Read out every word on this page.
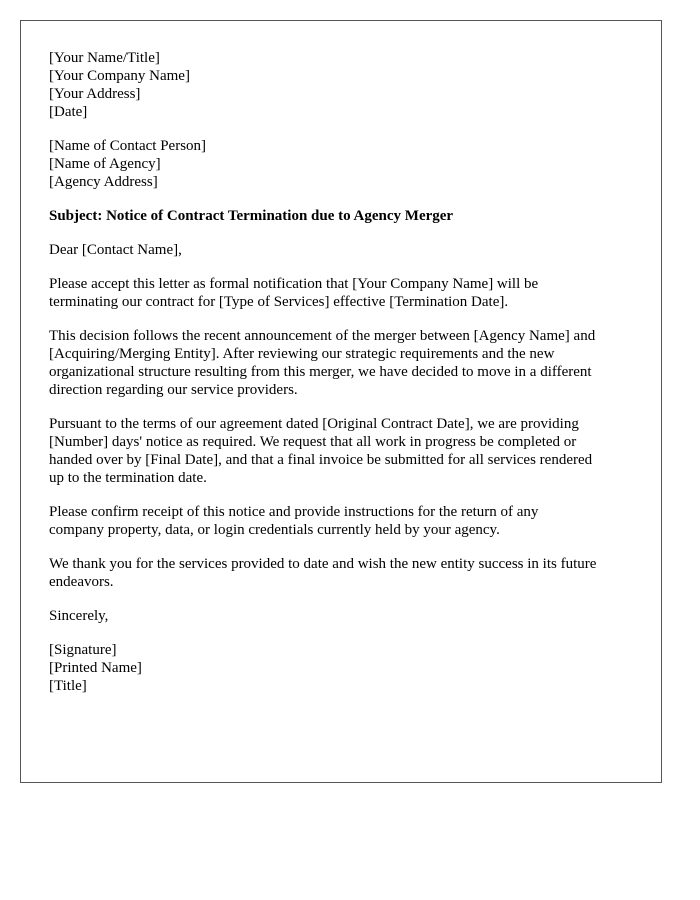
[Your Name/Title]
[Your Company Name]
[Your Address]
[Date]
[Name of Contact Person]
[Name of Agency]
[Agency Address]
Subject: Notice of Contract Termination due to Agency Merger
Dear [Contact Name],
Please accept this letter as formal notification that [Your Company Name] will be
terminating our contract for [Type of Services] effective [Termination Date].
This decision follows the recent announcement of the merger between [Agency Name] and
[Acquiring/Merging Entity]. After reviewing our strategic requirements and the new
organizational structure resulting from this merger, we have decided to move in a different
direction regarding our service providers.
Pursuant to the terms of our agreement dated [Original Contract Date], we are providing
[Number] days' notice as required. We request that all work in progress be completed or
handed over by [Final Date], and that a final invoice be submitted for all services rendered
up to the termination date.
Please confirm receipt of this notice and provide instructions for the return of any
company property, data, or login credentials currently held by your agency.
We thank you for the services provided to date and wish the new entity success in its future
endeavors.
Sincerely,
[Signature]
[Printed Name]
[Title]
